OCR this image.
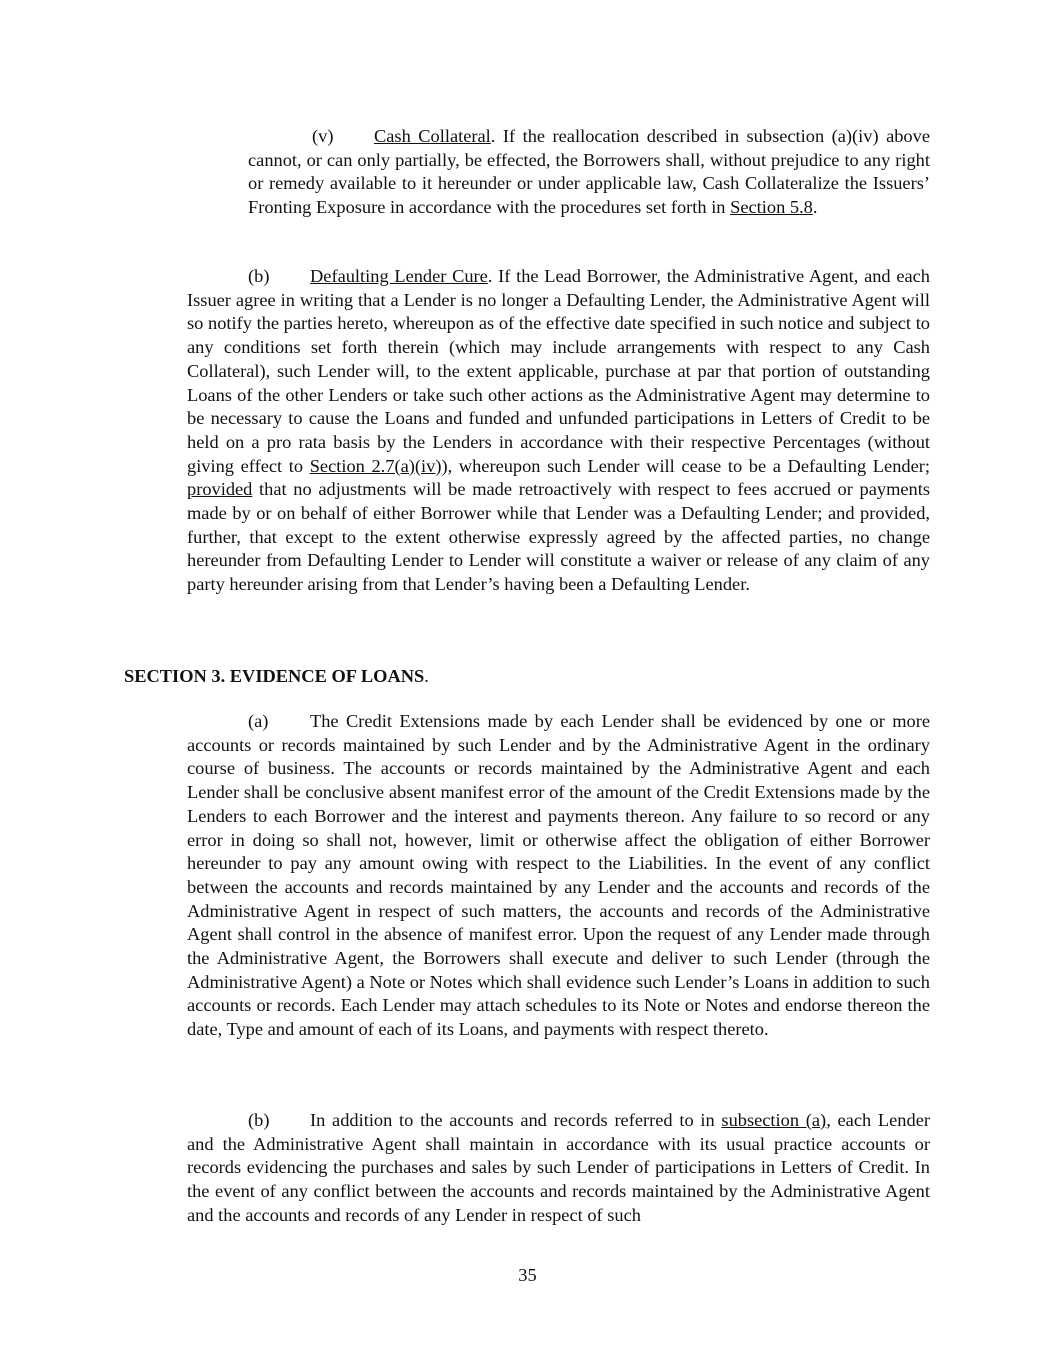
(v) Cash Collateral. If the reallocation described in subsection (a)(iv) above cannot, or can only partially, be effected, the Borrowers shall, without prejudice to any right or remedy available to it hereunder or under applicable law, Cash Collateralize the Issuers’ Fronting Exposure in accordance with the procedures set forth in Section 5.8.

(b) Defaulting Lender Cure. If the Lead Borrower, the Administrative Agent, and each Issuer agree in writing that a Lender is no longer a Defaulting Lender, the Administrative Agent will so notify the parties hereto, whereupon as of the effective date specified in such notice and subject to any conditions set forth therein (which may include arrangements with respect to any Cash Collateral), such Lender will, to the extent applicable, purchase at par that portion of outstanding Loans of the other Lenders or take such other actions as the Administrative Agent may determine to be necessary to cause the Loans and funded and unfunded participations in Letters of Credit to be held on a pro rata basis by the Lenders in accordance with their respective Percentages (without giving effect to Section 2.7(a)(iv)), whereupon such Lender will cease to be a Defaulting Lender; provided that no adjustments will be made retroactively with respect to fees accrued or payments made by or on behalf of either Borrower while that Lender was a Defaulting Lender; and provided, further, that except to the extent otherwise expressly agreed by the affected parties, no change hereunder from Defaulting Lender to Lender will constitute a waiver or release of any claim of any party hereunder arising from that Lender’s having been a Defaulting Lender.

SECTION 3. EVIDENCE OF LOANS.

(a) The Credit Extensions made by each Lender shall be evidenced by one or more accounts or records maintained by such Lender and by the Administrative Agent in the ordinary course of business. The accounts or records maintained by the Administrative Agent and each Lender shall be conclusive absent manifest error of the amount of the Credit Extensions made by the Lenders to each Borrower and the interest and payments thereon. Any failure to so record or any error in doing so shall not, however, limit or otherwise affect the obligation of either Borrower hereunder to pay any amount owing with respect to the Liabilities. In the event of any conflict between the accounts and records maintained by any Lender and the accounts and records of the Administrative Agent in respect of such matters, the accounts and records of the Administrative Agent shall control in the absence of manifest error. Upon the request of any Lender made through the Administrative Agent, the Borrowers shall execute and deliver to such Lender (through the Administrative Agent) a Note or Notes which shall evidence such Lender’s Loans in addition to such accounts or records. Each Lender may attach schedules to its Note or Notes and endorse thereon the date, Type and amount of each of its Loans, and payments with respect thereto.

(b) In addition to the accounts and records referred to in subsection (a), each Lender and the Administrative Agent shall maintain in accordance with its usual practice accounts or records evidencing the purchases and sales by such Lender of participations in Letters of Credit. In the event of any conflict between the accounts and records maintained by the Administrative Agent and the accounts and records of any Lender in respect of such

35
